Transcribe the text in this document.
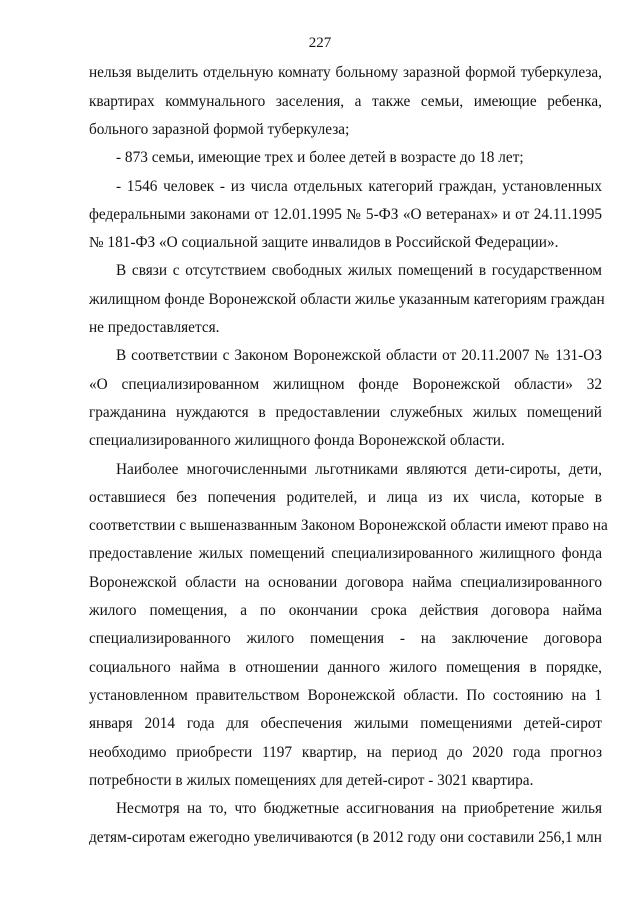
227
нельзя выделить отдельную комнату больному заразной формой туберкулеза,
квартирах коммунального заселения, а также семьи, имеющие ребенка,
больного заразной формой туберкулеза;
- 873 семьи, имеющие трех и более детей в возрасте до 18 лет;
- 1546 человек - из числа отдельных категорий граждан, установленных
федеральными законами от 12.01.1995 № 5-ФЗ «О ветеранах» и от 24.11.1995
№ 181-ФЗ «О социальной защите инвалидов в Российской Федерации».
В связи с отсутствием свободных жилых помещений в государственном
жилищном фонде Воронежской области жилье указанным категориям граждан
не предоставляется.
В соответствии с Законом Воронежской области от 20.11.2007 № 131-ОЗ
«О специализированном жилищном фонде Воронежской области» 32
гражданина нуждаются в предоставлении служебных жилых помещений
специализированного жилищного фонда Воронежской области.
Наиболее многочисленными льготниками являются дети-сироты, дети,
оставшиеся без попечения родителей, и лица из их числа, которые в
соответствии с вышеназванным Законом Воронежской области имеют право на
предоставление жилых помещений специализированного жилищного фонда
Воронежской области на основании договора найма специализированного
жилого помещения, а по окончании срока действия договора найма
специализированного жилого помещения - на заключение договора
социального найма в отношении данного жилого помещения в порядке,
установленном правительством Воронежской области. По состоянию на 1
января 2014 года для обеспечения жилыми помещениями детей-сирот
необходимо приобрести 1197 квартир, на период до 2020 года прогноз
потребности в жилых помещениях для детей-сирот - 3021 квартира.
Несмотря на то, что бюджетные ассигнования на приобретение жилья
детям-сиротам ежегодно увеличиваются (в 2012 году они составили 256,1 млн
